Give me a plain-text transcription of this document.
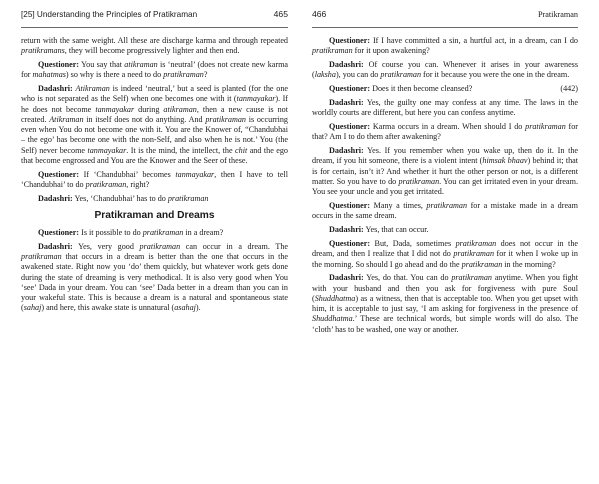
[25] Understanding the Principles of Pratikraman	465

return with the same weight. All these are discharge karma and through repeated pratikramans, they will become progressively lighter and then end.

Questioner: You say that atikraman is ‘neutral’ (does not create new karma for mahatmas) so why is there a need to do pratikraman?

Dadashri: Atikraman is indeed ‘neutral,’ but a seed is planted (for the one who is not separated as the Self) when one becomes one with it (tanmayakar). If he does not become tanmayakar during atikraman, then a new cause is not created. Atikraman in itself does not do anything. And pratikraman is occurring even when You do not become one with it. You are the Knower of, “Chandubhai – the ego’ has become one with the non-Self, and also when he is not.’ You (the Self) never become tanmayakar. It is the mind, the intellect, the chit and the ego that become engrossed and You are the Knower and the Seer of these.

Questioner: If ‘Chandubhai’ becomes tanmayakar, then I have to tell ‘Chandubhai’ to do pratikraman, right?

Dadashri: Yes, ‘Chandubhai’ has to do pratikraman

Pratikraman and Dreams

Questioner: Is it possible to do pratikraman in a dream?

Dadashri: Yes, very good pratikraman can occur in a dream. The pratikraman that occurs in a dream is better than the one that occurs in the awakened state. Right now you ‘do’ them quickly, but whatever work gets done during the state of dreaming is very methodical. It is also very good when You ‘see’ Dada in your dream. You can ‘see’ Dada better in a dream than you can in your wakeful state. This is because a dream is a natural and spontaneous state (sahaj) and here, this awake state is unnatural (asahaj).

466	Pratikraman

Questioner: If I have committed a sin, a hurtful act, in a dream, can I do pratikraman for it upon awakening?

Dadashri: Of course you can. Whenever it arises in your awareness (laksha), you can do pratikraman for it because you were the one in the dream.

Questioner: Does it then become cleansed?	(442)

Dadashri: Yes, the guilty one may confess at any time. The laws in the worldly courts are different, but here you can confess anytime.

Questioner: Karma occurs in a dream. When should I do pratikraman for that? Am I to do them after awakening?

Dadashri: Yes. If you remember when you wake up, then do it. In the dream, if you hit someone, there is a violent intent (himsak bhaav) behind it; that is for certain, isn’t it? And whether it hurt the other person or not, is a different matter. So you have to do pratikraman. You can get irritated even in your dream. You see your uncle and you get irritated.

Questioner: Many a times, pratikraman for a mistake made in a dream occurs in the same dream.

Dadashri: Yes, that can occur.

Questioner: But, Dada, sometimes pratikraman does not occur in the dream, and then I realize that I did not do pratikraman for it when I woke up in the morning. So should I go ahead and do the pratikraman in the morning?

Dadashri: Yes, do that. You can do pratikraman anytime. When you fight with your husband and then you ask for forgiveness with pure Soul (Shuddhatma) as a witness, then that is acceptable too. When you get upset with him, it is acceptable to just say, ‘I am asking for forgiveness in the presence of Shuddhatma.’ These are technical words, but simple words will do also. The ‘cloth’ has to be washed, one way or another.
